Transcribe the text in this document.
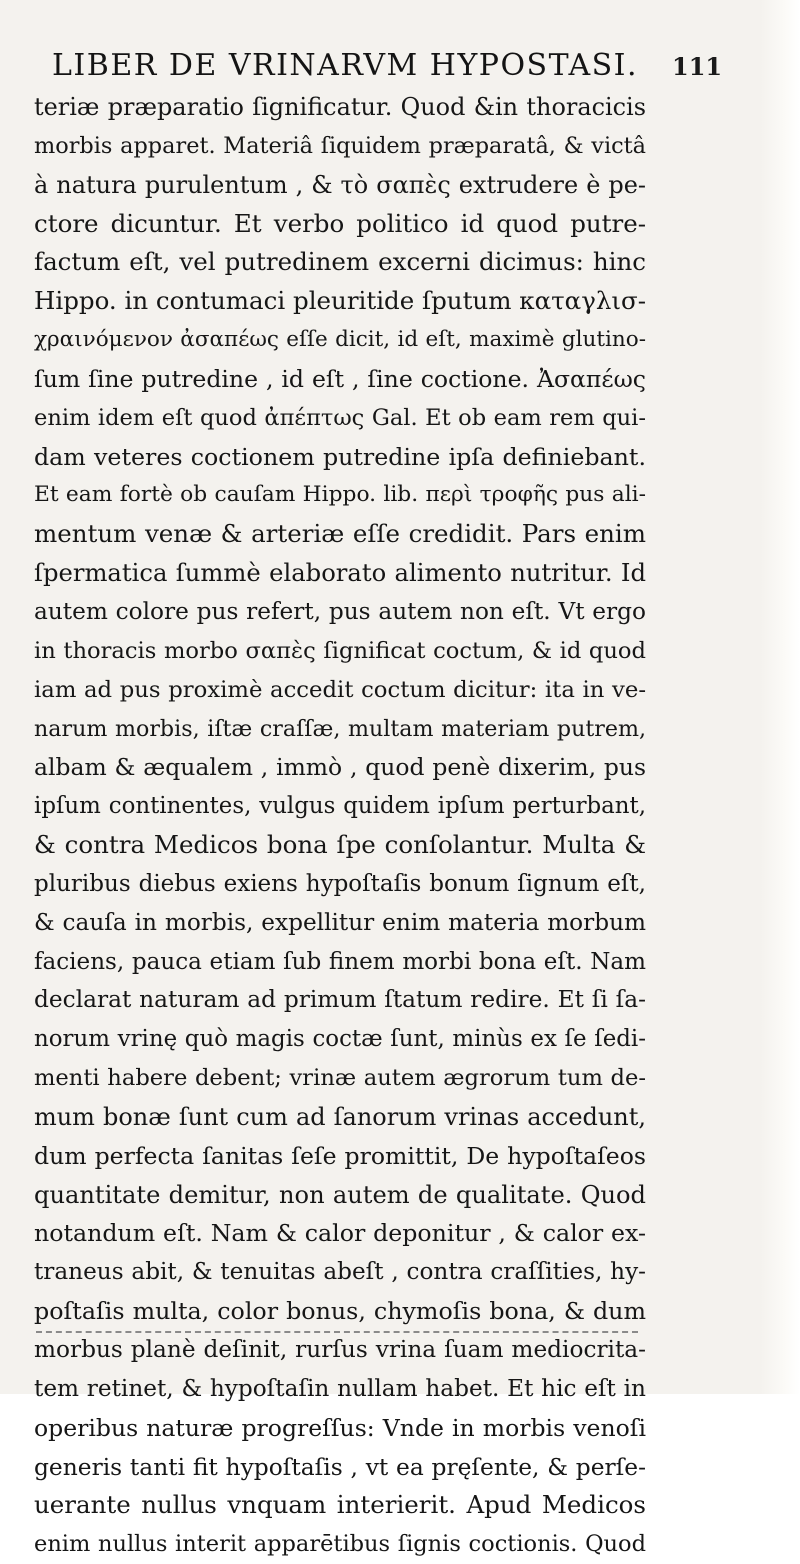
LIBER DE VRINARVM HYPOSTASI. 111
teriæ præparatio ſignificatur. Quod &in thoracicis
morbis apparet. Materiâ ſiquidem præparatâ, & victâ
à natura purulentum , & τὸ σαπὲς extrudere è pe-
ctore dicuntur. Et verbo politico id quod putre-
factum eſt, vel putredinem excerni dicimus: hinc
Hippo. in contumaci pleuritide ſputum καταγλισ-
χραινόμενον ἀσαπέως eſſe dicit, id eſt, maximè glutino-
ſum ſine putredine , id eſt , ſine coctione. Ἀσαπέως
enim idem eſt quod ἀπέπτως Gal. Et ob eam rem qui-
dam veteres coctionem putredine ipſa definiebant.
Et eam fortè ob cauſam Hippo. lib. περὶ τροφῆς pus ali-
mentum venæ & arteriæ eſſe credidit. Pars enim
ſpermatica ſummè elaborato alimento nutritur. Id
autem colore pus refert, pus autem non eſt. Vt ergo
in thoracis morbo σαπὲς ſignificat coctum, & id quod
iam ad pus proximè accedit coctum dicitur: ita in ve-
narum morbis, iſtæ craſſæ, multam materiam putrem,
albam & æqualem , immò , quod penè dixerim, pus
ipſum continentes, vulgus quidem ipſum perturbant,
& contra Medicos bona ſpe conſolantur. Multa &
pluribus diebus exiens hypoſtaſis bonum ſignum eſt,
& cauſa in morbis, expellitur enim materia morbum
faciens, pauca etiam ſub finem morbi bona eſt. Nam
declarat naturam ad primum ſtatum redire. Et ſi ſa-
norum vrinę quò magis coctæ ſunt, minùs ex ſe ſedi-
menti habere debent; vrinæ autem ægrorum tum de-
mum bonæ ſunt cum ad ſanorum vrinas accedunt,
dum perfecta ſanitas ſeſe promittit, De hypoſtaſeos
quantitate demitur, non autem de qualitate. Quod
notandum eſt. Nam & calor deponitur , & calor ex-
traneus abit, & tenuitas abeſt , contra craſſities, hy-
poſtaſis multa, color bonus, chymoſis bona, & dum
morbus planè deſinit, rurſus vrina ſuam mediocrita-
tem retinet, & hypoſtaſin nullam habet. Et hic eſt in
operibus naturæ progreſſus: Vnde in morbis venoſi
generis tanti fit hypoſtaſis , vt ea pręſente, & perſe-
uerante nullus vnquam interierit. Apud Medicos
enim nullus interit apparētibus ſignis coctionis. Quod
